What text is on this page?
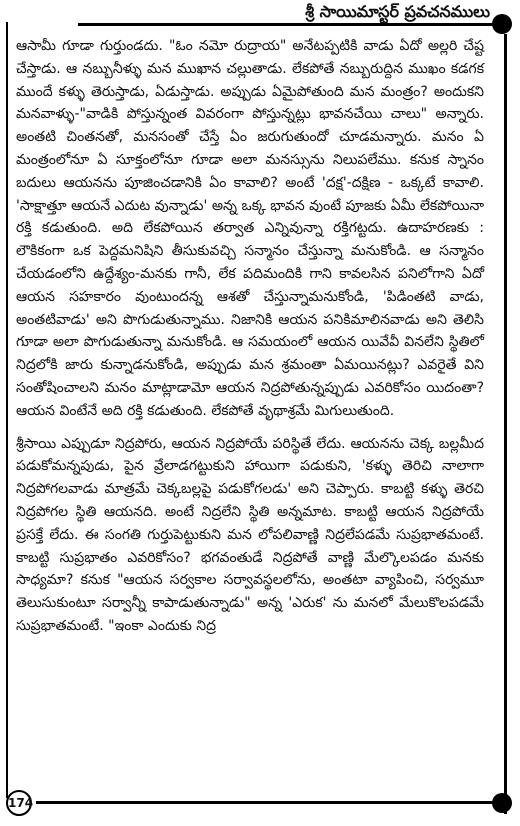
శ్రీ సాయిమాస్టర్ ప్రవచనములు

ఆసామీ గూడా గుర్తుండదు. "ఓం నమో రుద్రాయ" అనేటప్పటికి వాడు ఏదో అల్లరి చేష్ట చేస్తాడు. ఆ నబ్బునీళ్ళు మన ముఖాన చల్లుతాడు. లేకపోతే నబ్బురుద్దిన ముఖం కడగక ముందే కళ్ళు తెరుస్తాడు, ఏడుస్తాడు. అప్పుడు ఏమైపోతుంది మన మంత్రం? అందుకని మనవాళ్ళు-"వాడికి పోస్తున్నంత వివరంగా పోస్తున్నట్లు భావనచేయి చాలు" అన్నారు. అంతటి చింతనతో, మనసంతో చేస్తే ఏం జరుగుతుందో చూడమన్నారు. మనం ఏ మంత్రంలోనూ ఏ సూక్తంలోనూ గూడా అలా మనస్సును నిలుపలేము. కనుక స్నానం బదులు ఆయనను పూజించడానికి ఏం కావాలి? అంటే 'దక్ష'-దక్షిణ - ఒక్కటే కావాలి. 'సాక్షాత్తూ ఆయనే ఎదుట వున్నాడు' అన్న ఒక్క భావన వుంటే పూజకు ఏమీ లేకపోయినా రక్తి కడుతుంది. అది లేకపోయిన తర్వాత ఎన్నివున్నా రక్తిగట్టదు. ఉదాహరణకు : లౌకికంగా ఒక పెద్దమనిషిని తీసుకువచ్చి సన్మానం చేస్తున్నా మనుకోండి. ఆ సన్మానం చేయడంలోని ఉద్దేశ్యం-మనకు గానీ, లేక పదిమందికి గాని కావలసిన పనిలోగాని ఏదో ఆయన సహకారం వుంటుందన్న ఆశతో చేస్తున్నామనుకోండి, 'పిడింతటి వాడు, అంతటివాడు' అని పొగుడుతున్నాము. నిజానికి ఆయన పనికిమాలినవాడు అని తెలిసి గూడా అలా పొగుడుతున్నా మనుకోండి. ఆ సమయంలో ఆయన యివేవీ వినలేని స్థితిలో నిద్రలోకి జారు కున్నాడనుకోండి, అప్పుడు మన శ్రమంతా ఏమయినట్లు? ఎవరైతే విని సంతోషించాలని మనం మాట్లాడామో ఆయన నిద్రపోతున్నప్పుడు ఎవరికోసం యిదంతా? ఆయన వింటేనే అది రక్తి కడుతుంది. లేకపోతే వృథాశ్రమే మిగులుతుంది.

శ్రీసాయి ఎప్పుడూ నిద్రపోరు, ఆయన నిద్రపోయే పరిస్థితే లేదు. ఆయనను చెక్క బల్లమీద పడుకోమన్నపుడు, పైన వ్రేలాడగట్టుకుని హాయిగా పడుకుని, 'కళ్ళు తెరిచి నాలాగా నిద్రపోగలవాడు మాత్రమే చెక్కబల్లపై పడుకోగలడు' అని చెప్పారు. కాబట్టి కళ్ళు తెరచి నిద్రపోగల స్థితి ఆయనది. అంటే నిద్రలేని స్థితి అన్నమాట. కాబట్టి ఆయన నిద్రపోయే ప్రసక్తే లేదు. ఈ సంగతి గుర్తుపెట్టుకుని మన లోపలివాణ్ణి నిద్రలేపడమే సుప్రభాతమంటే. కాబట్టి సుప్రభాతం ఎవరికోసం? భగవంతుడే నిద్రపోతే వాణ్ణి మేల్కొలపడం మనకు సాధ్యమా? కనుక "ఆయన సర్వకాల సర్వావస్థలలోను, అంతటా వ్యాపించి, సర్వమూ తెలుసుకుంటూ సర్వాన్నీ కాపాడుతున్నాడు" అన్న 'ఎరుక' ను మనలో మేలుకొలపడమే సుప్రభాతమంటే. "ఇంకా ఎందుకు నిద్ర

174
